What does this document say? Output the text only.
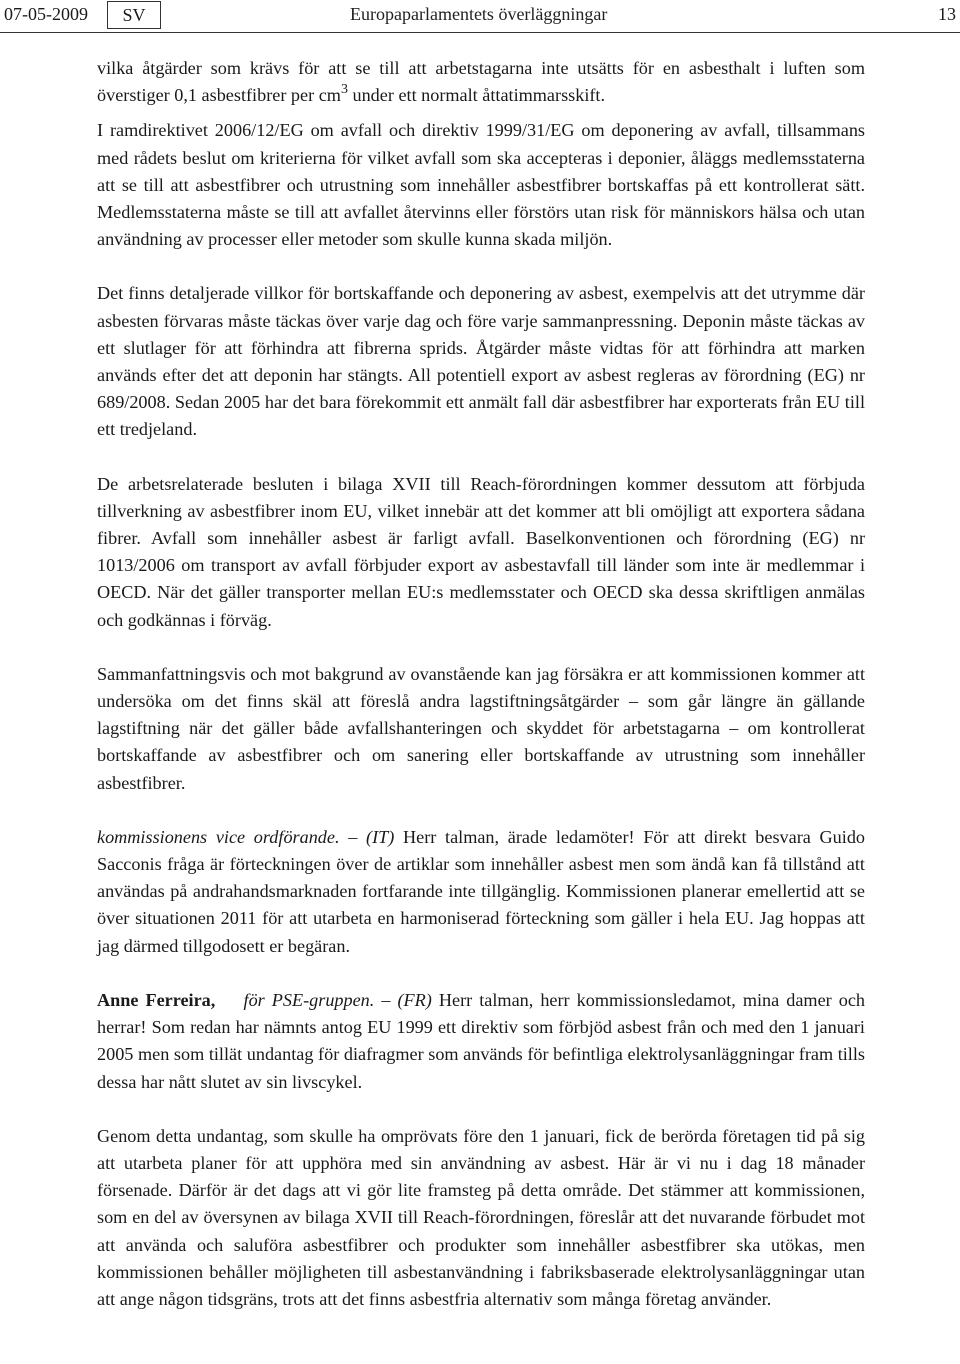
07-05-2009	SV	Europaparlamentets överläggningar	13

vilka åtgärder som krävs för att se till att arbetstagarna inte utsätts för en asbesthalt i luften som överstiger 0,1 asbestfibrer per $cm^3$ under ett normalt åttatimmarsskift.

I ramdirektivet 2006/12/EG om avfall och direktiv 1999/31/EG om deponering av avfall, tillsammans med rådets beslut om kriterierna för vilket avfall som ska accepteras i deponier, åläggs medlemsstaterna att se till att asbestfibrer och utrustning som innehåller asbestfibrer bortskaffas på ett kontrollerat sätt. Medlemsstaterna måste se till att avfallet återvinns eller förstörs utan risk för människors hälsa och utan användning av processer eller metoder som skulle kunna skada miljön.

Det finns detaljerade villkor för bortskaffande och deponering av asbest, exempelvis att det utrymme där asbesten förvaras måste täckas över varje dag och före varje sammanpressning. Deponin måste täckas av ett slutlager för att förhindra att fibrerna sprids. Åtgärder måste vidtas för att förhindra att marken används efter det att deponin har stängts. All potentiell export av asbest regleras av förordning (EG) nr 689/2008. Sedan 2005 har det bara förekommit ett anmält fall där asbestfibrer har exporterats från EU till ett tredjeland.

De arbetsrelaterade besluten i bilaga XVII till Reach-förordningen kommer dessutom att förbjuda tillverkning av asbestfibrer inom EU, vilket innebär att det kommer att bli omöjligt att exportera sådana fibrer. Avfall som innehåller asbest är farligt avfall. Baselkonventionen och förordning (EG) nr 1013/2006 om transport av avfall förbjuder export av asbestavfall till länder som inte är medlemmar i OECD. När det gäller transporter mellan EU:s medlemsstater och OECD ska dessa skriftligen anmälas och godkännas i förväg.

Sammanfattningsvis och mot bakgrund av ovanstående kan jag försäkra er att kommissionen kommer att undersöka om det finns skäl att föreslå andra lagstiftningsåtgärder – som går längre än gällande lagstiftning när det gäller både avfallshanteringen och skyddet för arbetstagarna – om kontrollerat bortskaffande av asbestfibrer och om sanering eller bortskaffande av utrustning som innehåller asbestfibrer.

kommissionens vice ordförande. – (IT) Herr talman, ärade ledamöter! För att direkt besvara Guido Sacconis fråga är förteckningen över de artiklar som innehåller asbest men som ändå kan få tillstånd att användas på andrahandsmarknaden fortfarande inte tillgänglig. Kommissionen planerar emellertid att se över situationen 2011 för att utarbeta en harmoniserad förteckning som gäller i hela EU. Jag hoppas att jag därmed tillgodosett er begäran.

Anne Ferreira, för PSE-gruppen. – (FR) Herr talman, herr kommissionsledamot, mina damer och herrar! Som redan har nämnts antog EU 1999 ett direktiv som förbjöd asbest från och med den 1 januari 2005 men som tillät undantag för diafragmer som används för befintliga elektrolysanläggningar fram tills dessa har nått slutet av sin livscykel.

Genom detta undantag, som skulle ha omprövats före den 1 januari, fick de berörda företagen tid på sig att utarbeta planer för att upphöra med sin användning av asbest. Här är vi nu i dag 18 månader försenade. Därför är det dags att vi gör lite framsteg på detta område. Det stämmer att kommissionen, som en del av översynen av bilaga XVII till Reach-förordningen, föreslår att det nuvarande förbudet mot att använda och saluföra asbestfibrer och produkter som innehåller asbestfibrer ska utökas, men kommissionen behåller möjligheten till asbestanvändning i fabriksbaserade elektrolysanläggningar utan att ange någon tidsgräns, trots att det finns asbestfria alternativ som många företag använder.
